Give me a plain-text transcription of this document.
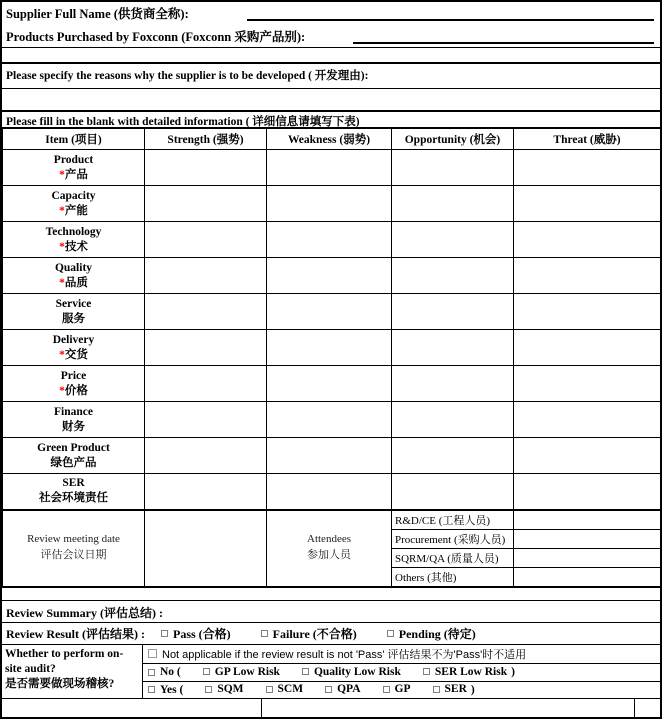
Supplier Full Name (供货商全称):
Products Purchased by Foxconn (Foxconn 采购产品别):
Please specify the reasons why the supplier is to be developed ( 开发理由):
Please fill in the blank with detailed information ( 详细信息请填写下表)
Item (项目)	Strength (强势)	Weakness (弱势)	Opportunity (机会)	Threat (威胁)

Product
*产品				

Capacity
*产能				

Technology
*技术				

Quality
*品质				

Service
服务				

Delivery
*交货				

Price
*价格				

Finance
财务				

Green Product
绿色产品				

SER
社会环境责任				

Review meeting date
评估会议日期

Attendees
参加人员
	R&D/CE (工程人员)	
			Procurement (采购人员)	
			SQRM/QA (质量人员)	
			Others (其他)	
Review Summary (评估总结) :
Review Result (评估结果) : Pass (合格)	Failure (不合格)	Pending (待定)
Whether to perform on-site audit?
是否需要做现场稽核?
Not applicable if the review result is not 'Pass' 评估结果不为'Pass'时不适用
No (	GP Low Risk	Quality Low Risk	SER Low Risk )
Yes (	SQM	SCM	QPA	GP	SER )
